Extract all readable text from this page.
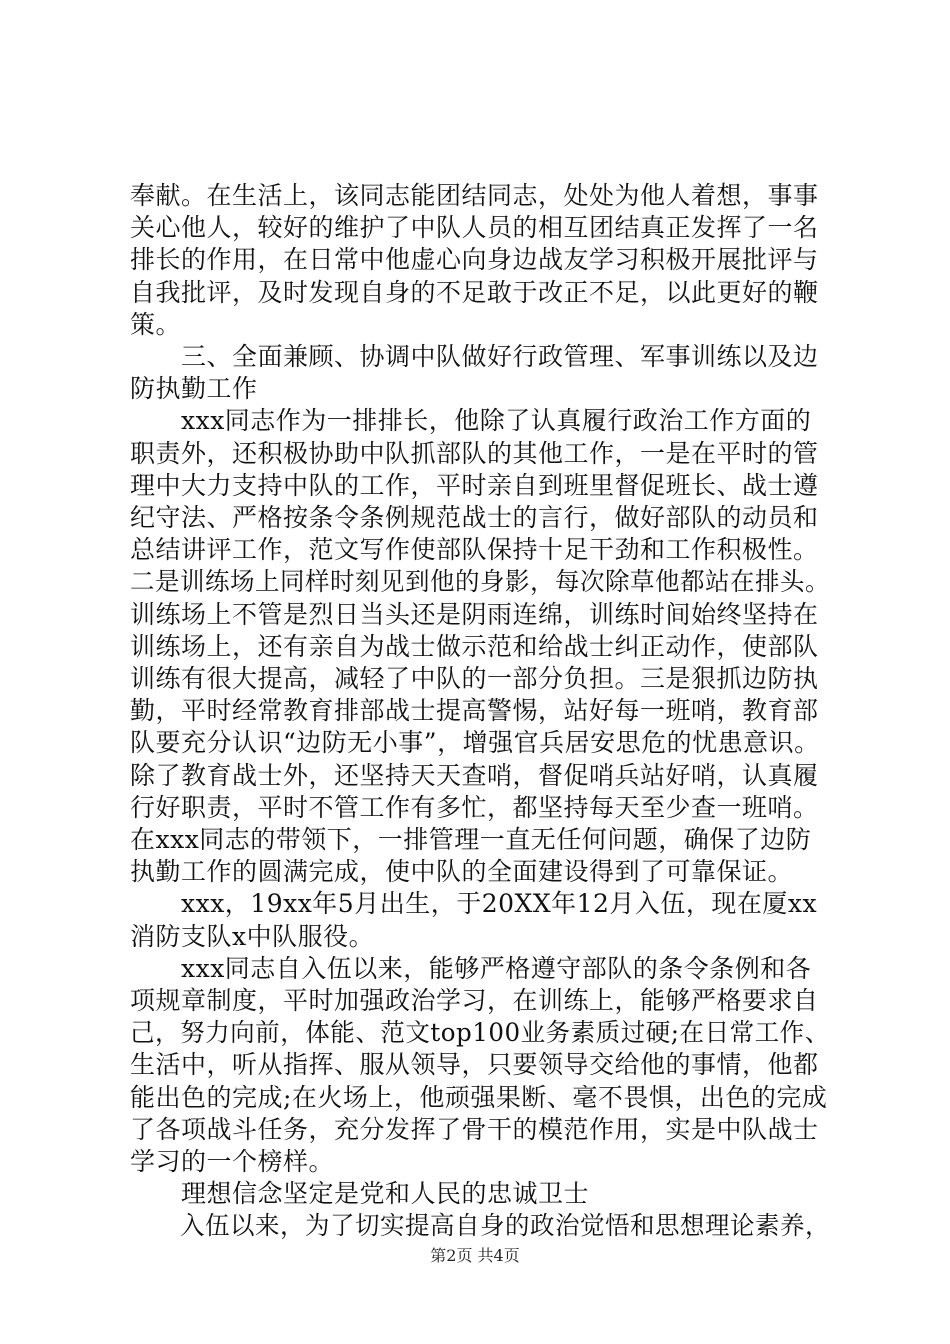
奉献。在生活上，该同志能团结同志，处处为他人着想，事事
关心他人，较好的维护了中队人员的相互团结真正发挥了一名
排长的作用，在日常中他虚心向身边战友学习积极开展批评与
自我批评，及时发现自身的不足敢于改正不足，以此更好的鞭
策。
　　三、全面兼顾、协调中队做好行政管理、军事训练以及边
防执勤工作
　　xxx同志作为一排排长，他除了认真履行政治工作方面的
职责外，还积极协助中队抓部队的其他工作，一是在平时的管
理中大力支持中队的工作，平时亲自到班里督促班长、战士遵
纪守法、严格按条令条例规范战士的言行，做好部队的动员和
总结讲评工作，范文写作使部队保持十足干劲和工作积极性。
二是训练场上同样时刻见到他的身影，每次除草他都站在排头。
训练场上不管是烈日当头还是阴雨连绵，训练时间始终坚持在
训练场上，还有亲自为战士做示范和给战士纠正动作，使部队
训练有很大提高，减轻了中队的一部分负担。三是狠抓边防执
勤，平时经常教育排部战士提高警惕，站好每一班哨，教育部
队要充分认识“边防无小事”，增强官兵居安思危的忧患意识。
除了教育战士外，还坚持天天查哨，督促哨兵站好哨，认真履
行好职责，平时不管工作有多忙，都坚持每天至少查一班哨。
在xxx同志的带领下，一排管理一直无任何问题，确保了边防
执勤工作的圆满完成，使中队的全面建设得到了可靠保证。
　　xxx，19xx年5月出生，于20XX年12月入伍，现在厦xx
消防支队x中队服役。
　　xxx同志自入伍以来，能够严格遵守部队的条令条例和各
项规章制度，平时加强政治学习，在训练上，能够严格要求自
己，努力向前，体能、范文top100业务素质过硬;在日常工作、
生活中，听从指挥、服从领导，只要领导交给他的事情，他都
能出色的完成;在火场上，他顽强果断、毫不畏惧，出色的完成
了各项战斗任务，充分发挥了骨干的模范作用，实是中队战士
学习的一个榜样。
　　理想信念坚定是党和人民的忠诚卫士
　　入伍以来，为了切实提高自身的政治觉悟和思想理论素养，
第2页 共4页
